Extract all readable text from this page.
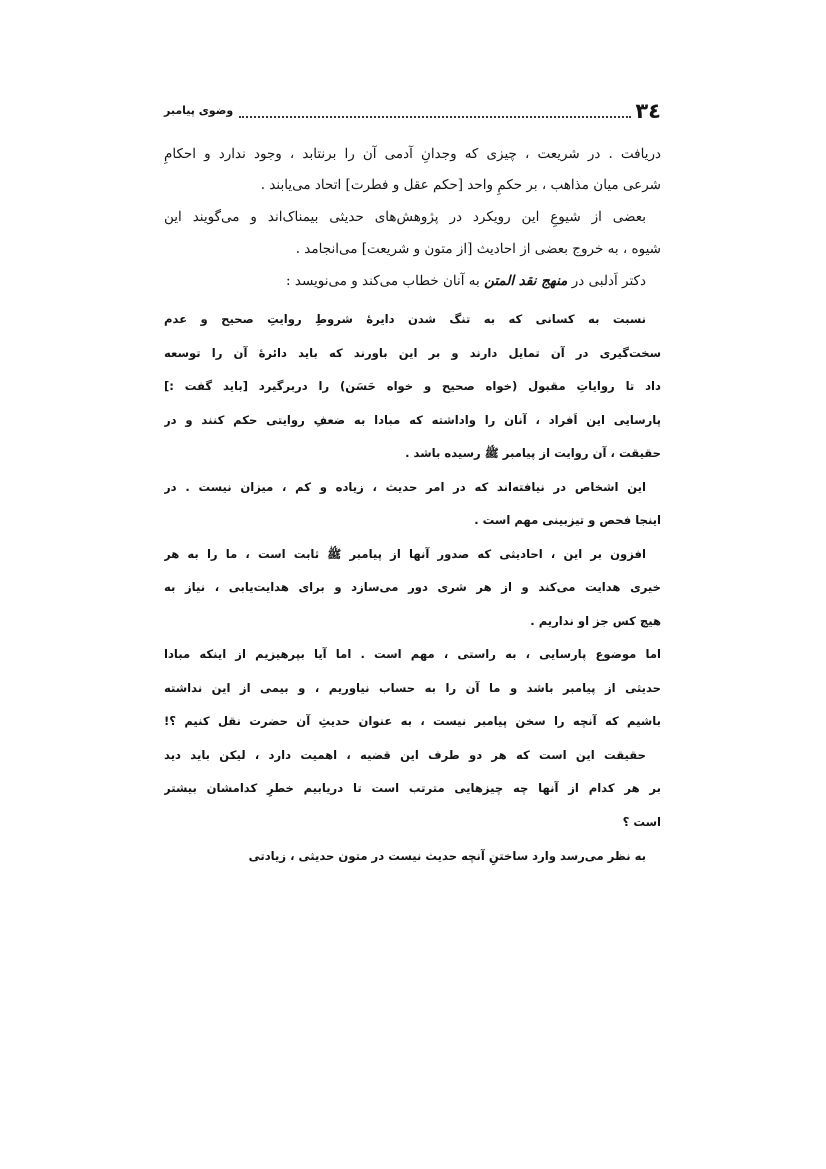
٣٤
وضوی پیامبر
دریافت . در شریعت ، چیزی که وجدانِ آدمی آن را برنتابد ، وجود ندارد و احکامِ
شرعی میان مذاهب ، بر حکمِ واحد [حکم عقل و فطرت] اتحاد می‌یابند .
بعضی از شیوعِ این رویکرد در پژوهش‌های حدیثی بیمناک‌اند و می‌گویند این
شیوه ، به خروج بعضی از احادیث [از متون و شریعت] می‌انجامد .
دکتر اَدلبی در منهج نقد المتن به آنان خطاب می‌کند و می‌نویسد :
نسبت به کسانی که به تنگ شدن دایرهٔ شروطِ روایتِ صحیح و عدم
سخت‌گیری در آن تمایل دارند و بر این باورند که باید دائرهٔ آن را توسعه
داد تا روایاتِ مقبول (خواه صحیح و خواه حَسَن) را دربرگیرد [باید گفت :]
پارسایی این اَفراد ، آنان را واداشته که مبادا به ضعفِ روایتی حکم کنند و در
حقیقت ، آن روایت از پیامبر ﷺ رسیده باشد .
این اشخاص در نیافته‌اند که در امر حدیث ، زیاده و کم ، میزان نیست . در
اینجا فحص و تیزبینی مهم است .
افزون بر این ، احادیثی که صدور آنها از پیامبر ﷺ ثابت است ، ما را به هر
خیری هدایت می‌کند و از هر شری دور می‌سازد و برای هدایت‌یابی ، نیاز به
هیچ کس جز او نداریم .
اما موضوع پارسایی ، به راستی ، مهم است . اما آیا بپرهیزیم از اینکه مبادا
حدیثی از پیامبر باشد و ما آن را به حساب نیاوریم ، و بیمی از این نداشته
باشیم که آنچه را سخن پیامبر نیست ، به عنوان حدیثِ آن حضرت نقل کنیم ؟!
حقیقت این است که هر دو طرف این قضیه ، اهمیت دارد ، لیکن باید دید
بر هر کدام از آنها چه چیزهایی مترتب است تا دریابیم خطرِ کدامشان بیشتر
است ؟
به نظر می‌رسد وارد ساختنِ آنچه حدیث نیست در متون حدیثی ، زیادتی
